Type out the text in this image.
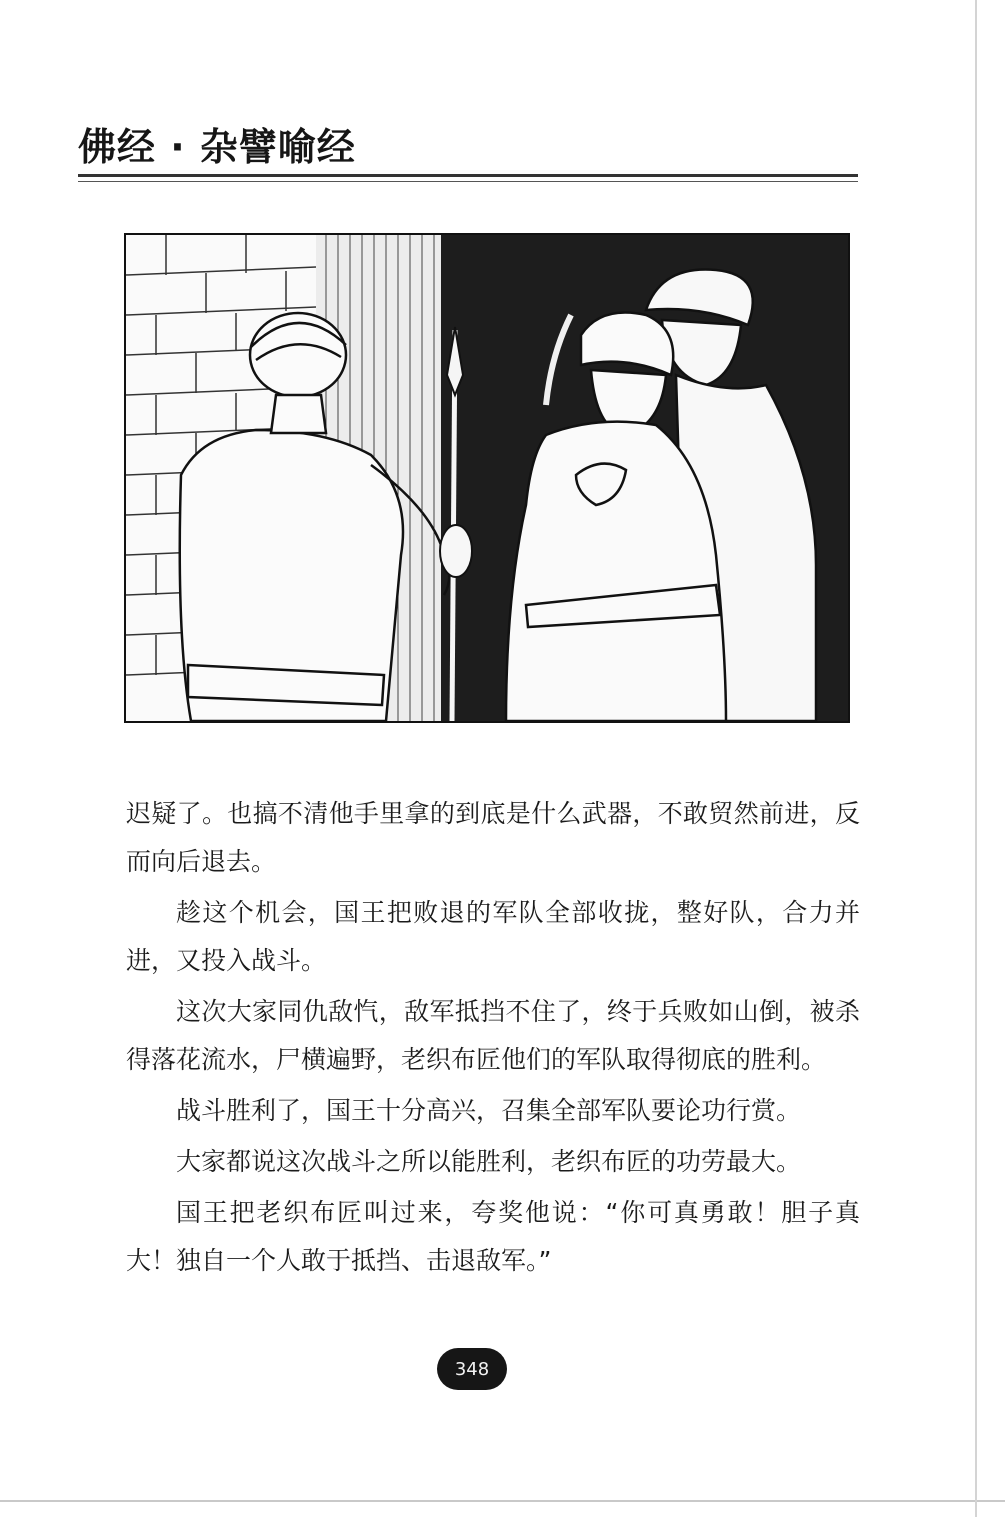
佛经 · 杂譬喻经

迟疑了。也搞不清他手里拿的到底是什么武器，不敢贸然前进，反而向后退去。

趁这个机会，国王把败退的军队全部收拢，整好队，合力并进，又投入战斗。

这次大家同仇敌忾，敌军抵挡不住了，终于兵败如山倒，被杀得落花流水，尸横遍野，老织布匠他们的军队取得彻底的胜利。

战斗胜利了，国王十分高兴，召集全部军队要论功行赏。

大家都说这次战斗之所以能胜利，老织布匠的功劳最大。

国王把老织布匠叫过来，夸奖他说：“你可真勇敢！胆子真大！独自一个人敢于抵挡、击退敌军。”

348
